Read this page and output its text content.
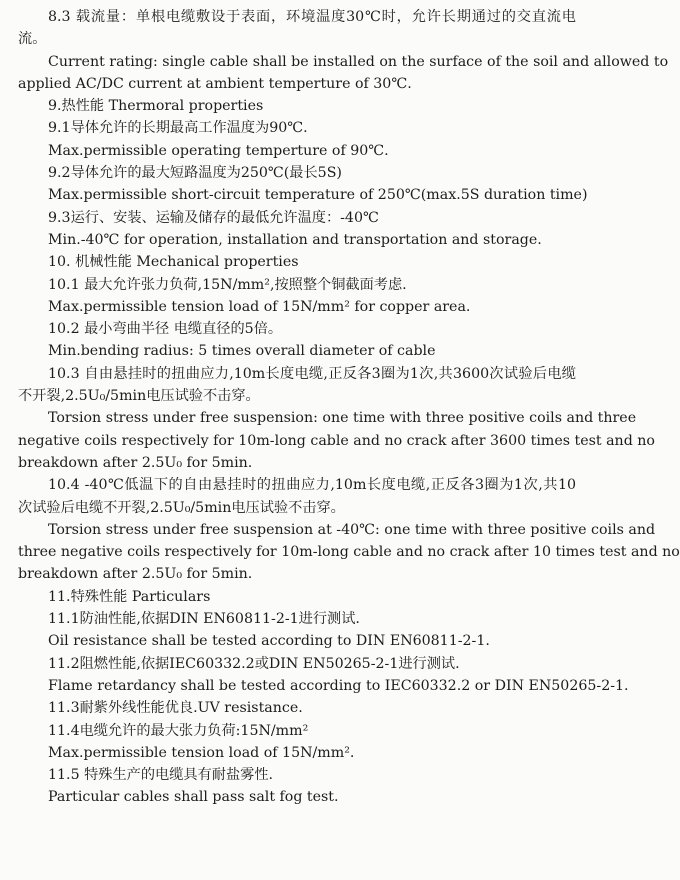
8.3 载流量：单根电缆敷设于表面，环境温度30℃时，允许长期通过的交直流电
流。
Current rating: single cable shall be installed on the surface of the soil and allowed to
applied AC/DC current at ambient temperture of 30℃.
9.热性能 Thermoral properties
9.1导体允许的长期最高工作温度为90℃.
Max.permissible operating temperture of 90℃.
9.2导体允许的最大短路温度为250℃(最长5S)
Max.permissible short-circuit temperature of 250℃(max.5S duration time)
9.3运行、安装、运输及储存的最低允许温度：-40℃
Min.-40℃ for operation, installation and transportation and storage.
10. 机械性能 Mechanical properties
10.1 最大允许张力负荷,15N/mm²,按照整个铜截面考虑.
Max.permissible tension load of 15N/mm² for copper area.
10.2 最小弯曲半径 电缆直径的5倍。
Min.bending radius: 5 times overall diameter of cable
10.3 自由悬挂时的扭曲应力,10m长度电缆,正反各3圈为1次,共3600次试验后电缆
不开裂,2.5U₀/5min电压试验不击穿。
Torsion stress under free suspension: one time with three positive coils and three
negative coils respectively for 10m-long cable and no crack after 3600 times test and no
breakdown after 2.5U₀ for 5min.
10.4 -40℃低温下的自由悬挂时的扭曲应力,10m长度电缆,正反各3圈为1次,共10
次试验后电缆不开裂,2.5U₀/5min电压试验不击穿。
Torsion stress under free suspension at -40℃: one time with three positive coils and
three negative coils respectively for 10m-long cable and no crack after 10 times test and no
breakdown after 2.5U₀ for 5min.
11.特殊性能 Particulars
11.1防油性能,依据DIN EN60811-2-1进行测试.
Oil resistance shall be tested according to DIN EN60811-2-1.
11.2阻燃性能,依据IEC60332.2或DIN EN50265-2-1进行测试.
Flame retardancy shall be tested according to IEC60332.2 or DIN EN50265-2-1.
11.3耐紫外线性能优良.UV resistance.
11.4电缆允许的最大张力负荷:15N/mm²
Max.permissible tension load of 15N/mm².
11.5 特殊生产的电缆具有耐盐雾性.
Particular cables shall pass salt fog test.
